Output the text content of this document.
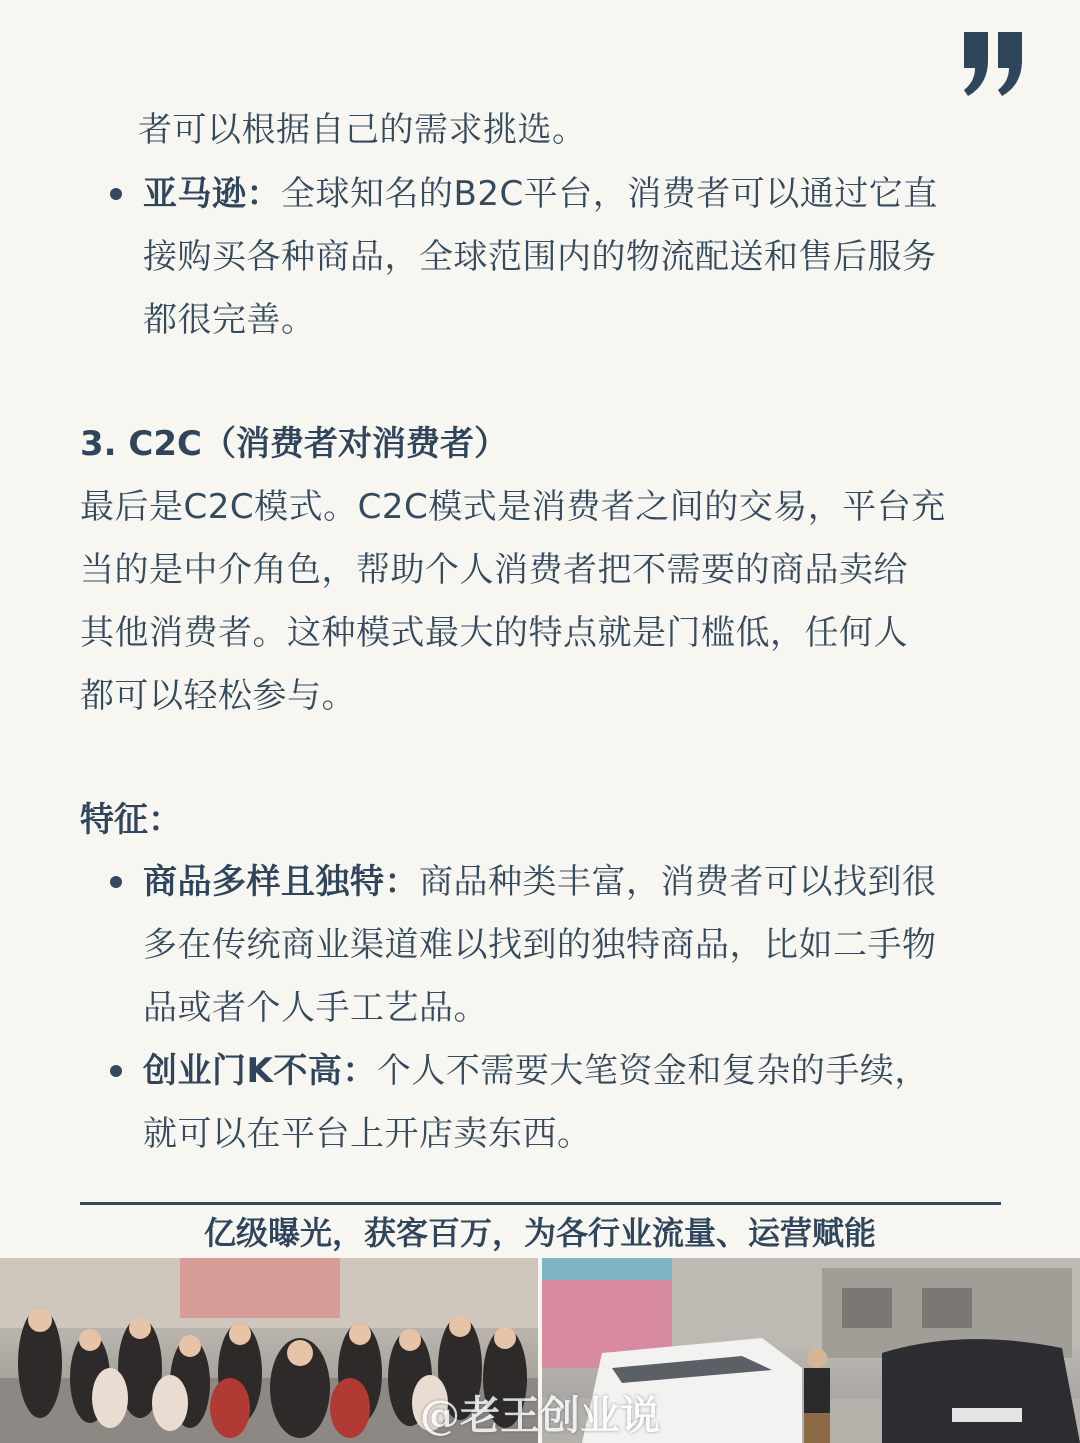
者可以根据自己的需求挑选。
亚马逊：全球知名的B2C平台，消费者可以通过它直
接购买各种商品，全球范围内的物流配送和售后服务
都很完善。
3. C2C（消费者对消费者）
最后是C2C模式。C2C模式是消费者之间的交易，平台充
当的是中介角色，帮助个人消费者把不需要的商品卖给
其他消费者。这种模式最大的特点就是门槛低，任何人
都可以轻松参与。
特征：
商品多样且独特：商品种类丰富，消费者可以找到很
多在传统商业渠道难以找到的独特商品，比如二手物
品或者个人手工艺品。
创业门K不高：个人不需要大笔资金和复杂的手续，
就可以在平台上开店卖东西。
亿级曝光，获客百万，为各行业流量、运营赋能
@老王创业说
